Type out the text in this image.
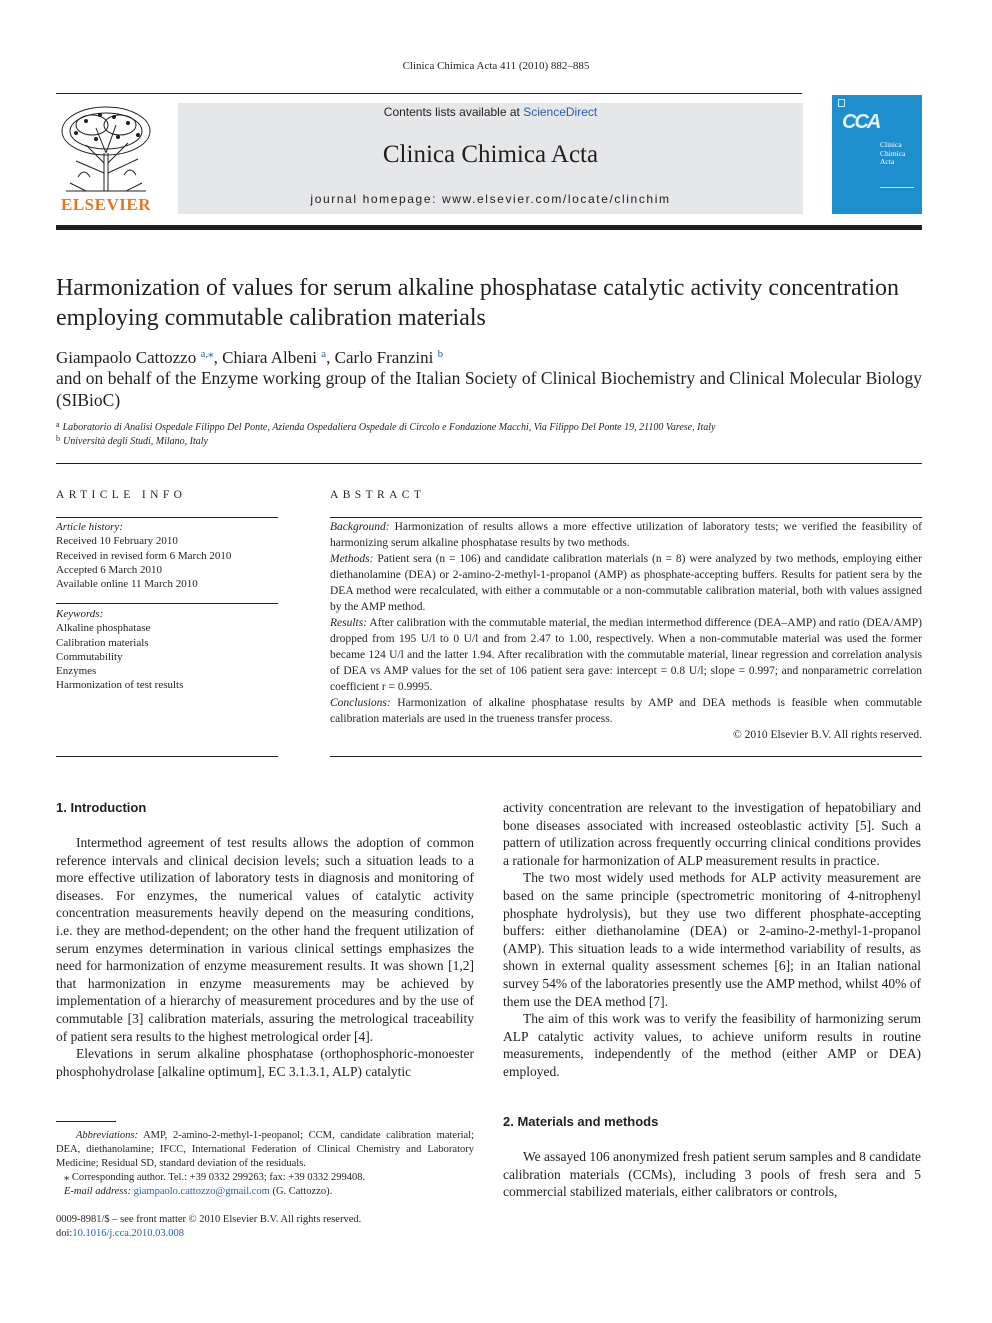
Clinica Chimica Acta 411 (2010) 882–885
ELSEVIER
Contents lists available at ScienceDirect
Clinica Chimica Acta
journal homepage: www.elsevier.com/locate/clinchim
CCA
Clinica
Chimica
Acta
Harmonization of values for serum alkaline phosphatase catalytic activity concentration employing commutable calibration materials
Giampaolo Cattozzo $^{a,⁎}$, Chiara Albeni $^a$, Carlo Franzini $^b$
and on behalf of the Enzyme working group of the Italian Society of Clinical Biochemistry and Clinical Molecular Biology (SIBioC)
$^a$ Laboratorio di Analisi Ospedale Filippo Del Ponte, Azienda Ospedaliera Ospedale di Circolo e Fondazione Macchi, Via Filippo Del Ponte 19, 21100 Varese, Italy
$^b$ Università degli Studi, Milano, Italy
ARTICLE INFO	ABSTRACT
Article history:
Received 10 February 2010
Received in revised form 6 March 2010
Accepted 6 March 2010
Available online 11 March 2010
Keywords:
Alkaline phosphatase
Calibration materials
Commutability
Enzymes
Harmonization of test results

Background: Harmonization of results allows a more effective utilization of laboratory tests; we verified the feasibility of harmonizing serum alkaline phosphatase results by two methods.

Methods: Patient sera (n = 106) and candidate calibration materials (n = 8) were analyzed by two methods, employing either diethanolamine (DEA) or 2-amino-2-methyl-1-propanol (AMP) as phosphate-accepting buffers. Results for patient sera by the DEA method were recalculated, with either a commutable or a non-commutable calibration material, both with values assigned by the AMP method.

Results: After calibration with the commutable material, the median intermethod difference (DEA–AMP) and ratio (DEA/AMP) dropped from 195 U/l to 0 U/l and from 2.47 to 1.00, respectively. When a non-commutable material was used the former became 124 U/l and the latter 1.94. After recalibration with the commutable material, linear regression and correlation analysis of DEA vs AMP values for the set of 106 patient sera gave: intercept = 0.8 U/l; slope = 0.997; and nonparametric correlation coefficient r = 0.9995.

Conclusions: Harmonization of alkaline phosphatase results by AMP and DEA methods is feasible when commutable calibration materials are used in the trueness transfer process.

© 2010 Elsevier B.V. All rights reserved.

1. Introduction

Intermethod agreement of test results allows the adoption of common reference intervals and clinical decision levels; such a situation leads to a more effective utilization of laboratory tests in diagnosis and monitoring of diseases. For enzymes, the numerical values of catalytic activity concentration measurements heavily depend on the measuring conditions, i.e. they are method-dependent; on the other hand the frequent utilization of serum enzymes determination in various clinical settings emphasizes the need for harmonization of enzyme measurement results. It was shown [1,2] that harmonization in enzyme measurements may be achieved by implementation of a hierarchy of measurement procedures and by the use of commutable [3] calibration materials, assuring the metrological traceability of patient sera results to the highest metrological order [4].

Elevations in serum alkaline phosphatase (orthophosphoric-monoester phosphohydrolase [alkaline optimum], EC 3.1.3.1, ALP) catalytic

activity concentration are relevant to the investigation of hepatobiliary and bone diseases associated with increased osteoblastic activity [5]. Such a pattern of utilization across frequently occurring clinical conditions provides a rationale for harmonization of ALP measurement results in practice.

The two most widely used methods for ALP activity measurement are based on the same principle (spectrometric monitoring of 4-nitrophenyl phosphate hydrolysis), but they use two different phosphate-accepting buffers: either diethanolamine (DEA) or 2-amino-2-methyl-1-propanol (AMP). This situation leads to a wide intermethod variability of results, as shown in external quality assessment schemes [6]; in an Italian national survey 54% of the laboratories presently use the AMP method, whilst 40% of them use the DEA method [7].

The aim of this work was to verify the feasibility of harmonizing serum ALP catalytic activity values, to achieve uniform results in routine measurements, independently of the method (either AMP or DEA) employed.

2. Materials and methods

We assayed 106 anonymized fresh patient serum samples and 8 candidate calibration materials (CCMs), including 3 pools of fresh sera and 5 commercial stabilized materials, either calibrators or controls,

Abbreviations: AMP, 2-amino-2-methyl-1-peopanol; CCM, candidate calibration material; DEA, diethanolamine; IFCC, International Federation of Clinical Chemistry and Laboratory Medicine; Residual SD, standard deviation of the residuals.

⁎ Corresponding author. Tel.: +39 0332 299263; fax: +39 0332 299408.

E-mail address: giampaolo.cattozzo@gmail.com (G. Cattozzo).

0009-8981/$ – see front matter © 2010 Elsevier B.V. All rights reserved.
doi:10.1016/j.cca.2010.03.008
